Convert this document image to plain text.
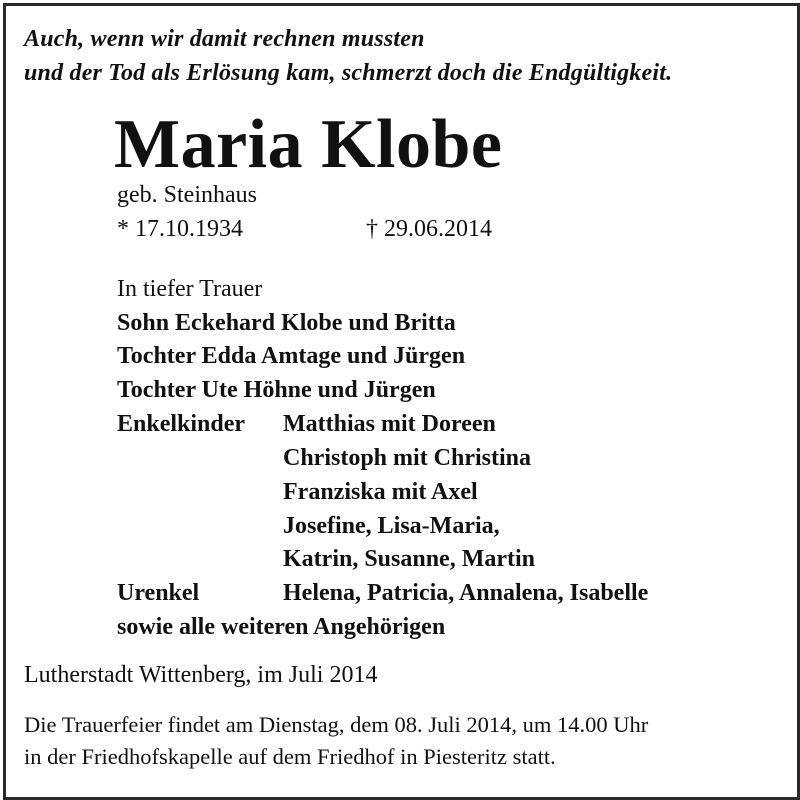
Auch, wenn wir damit rechnen mussten
und der Tod als Erlösung kam, schmerzt doch die Endgültigkeit.
Maria Klobe
geb. Steinhaus
* 17.10.1934	† 29.06.2014
In tiefer Trauer
Sohn Eckehard Klobe und Britta
Tochter Edda Amtage und Jürgen
Tochter Ute Höhne und Jürgen
Enkelkinder Matthias mit Doreen
Christoph mit Christina
Franziska mit Axel
Josefine, Lisa-Maria,
Katrin, Susanne, Martin
Urenkel	Helena, Patricia, Annalena, Isabelle
sowie alle weiteren Angehörigen
Lutherstadt Wittenberg, im Juli 2014
Die Trauerfeier findet am Dienstag, dem 08. Juli 2014, um 14.00 Uhr
in der Friedhofskapelle auf dem Friedhof in Piesteritz statt.
